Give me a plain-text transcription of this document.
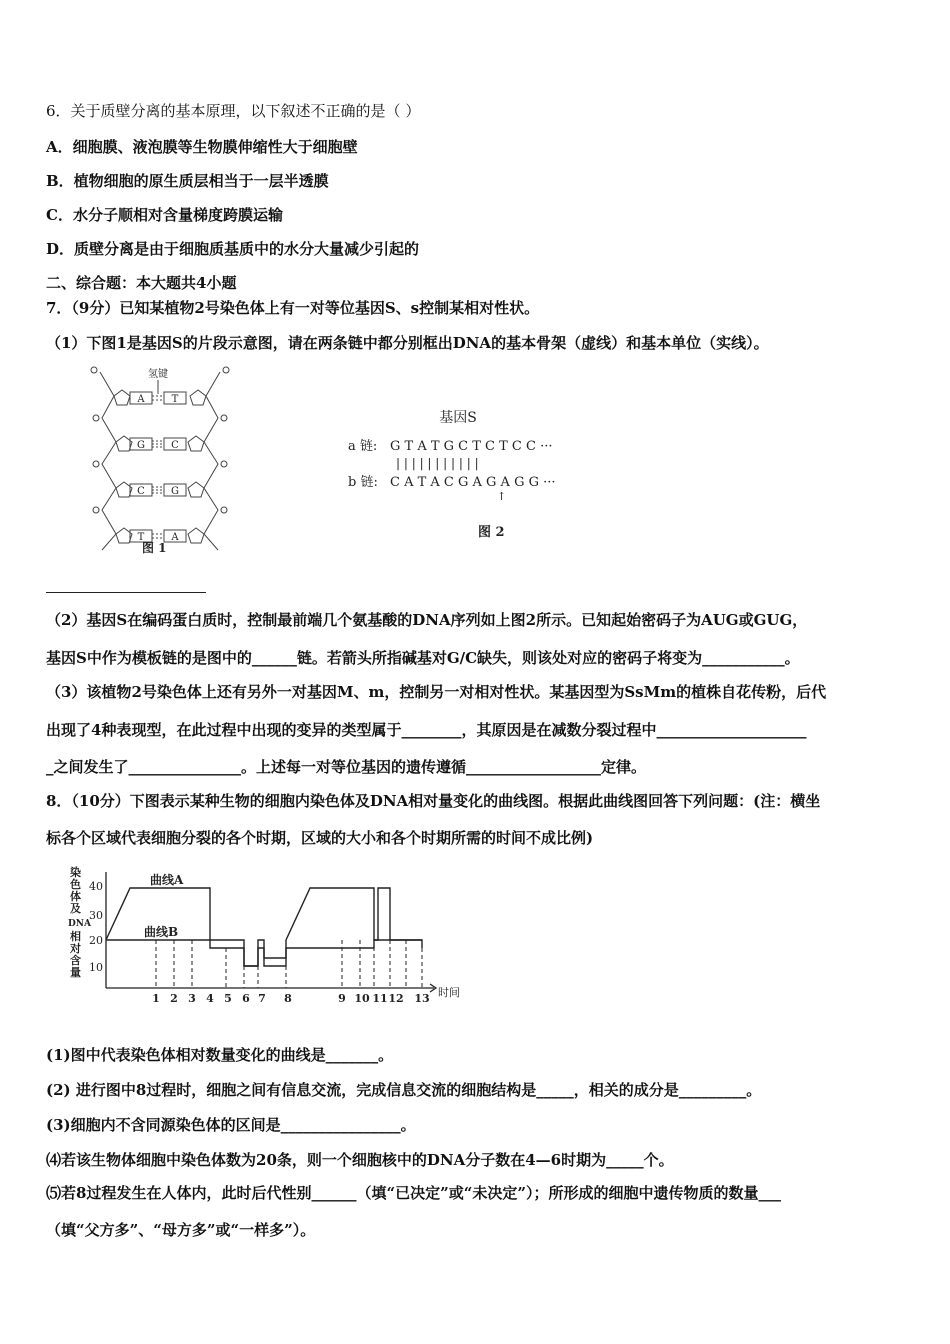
6．关于质壁分离的基本原理，以下叙述不正确的是（ ）
A．细胞膜、液泡膜等生物膜伸缩性大于细胞壁
B．植物细胞的原生质层相当于一层半透膜
C．水分子顺相对含量梯度跨膜运输
D．质壁分离是由于细胞质基质中的水分大量减少引起的
二、综合题：本大题共4小题
7．（9分）已知某植物2号染色体上有一对等位基因S、s控制某相对性状。
（1）下图1是基因S的片段示意图，请在两条链中都分别框出DNA的基本骨架（虚线）和基本单位（实线）。
氢键
A	T
G	C
C	G
T	A
图 1
基因S
a 链: G T A T G C T C T C C ···
| | | | | | | | | | |
b 链: C A T A C G A G A G G ···
↑
图 2
（2）基因S在编码蛋白质时，控制最前端几个氨基酸的DNA序列如上图2所示。已知起始密码子为AUG或GUG，
基因S中作为模板链的是图中的______链。若箭头所指碱基对G/C缺失，则该处对应的密码子将变为___________。
（3）该植物2号染色体上还有另外一对基因M、m，控制另一对相对性状。某基因型为SsMm的植株自花传粉，后代
出现了4种表现型，在此过程中出现的变异的类型属于________，其原因是在减数分裂过程中____________________
_之间发生了_______________。上述每一对等位基因的遗传遵循__________________定律。
8．（10分）下图表示某种生物的细胞内染色体及DNA相对量变化的曲线图。根据此曲线图回答下列问题：(注：横坐
标各个区域代表细胞分裂的各个时期，区域的大小和各个时期所需的时间不成比例)
染
色
体
及
DNA
相
对
含
量
染色体及DNA相对含量
40
30
20
10
曲线A
曲线B
1 2 3 4 5 6 7 8	9 10 11 12 13 时间
(1)图中代表染色体相对数量变化的曲线是_______。
(2) 进行图中8过程时，细胞之间有信息交流，完成信息交流的细胞结构是_____，相关的成分是_________。
(3)细胞内不含同源染色体的区间是________________。
⑷若该生物体细胞中染色体数为20条，则一个细胞核中的DNA分子数在4—6时期为_____个。
⑸若8过程发生在人体内，此时后代性别______（填“已决定”或“未决定”）；所形成的细胞中遗传物质的数量___
（填“父方多”、“母方多”或“一样多”）。
